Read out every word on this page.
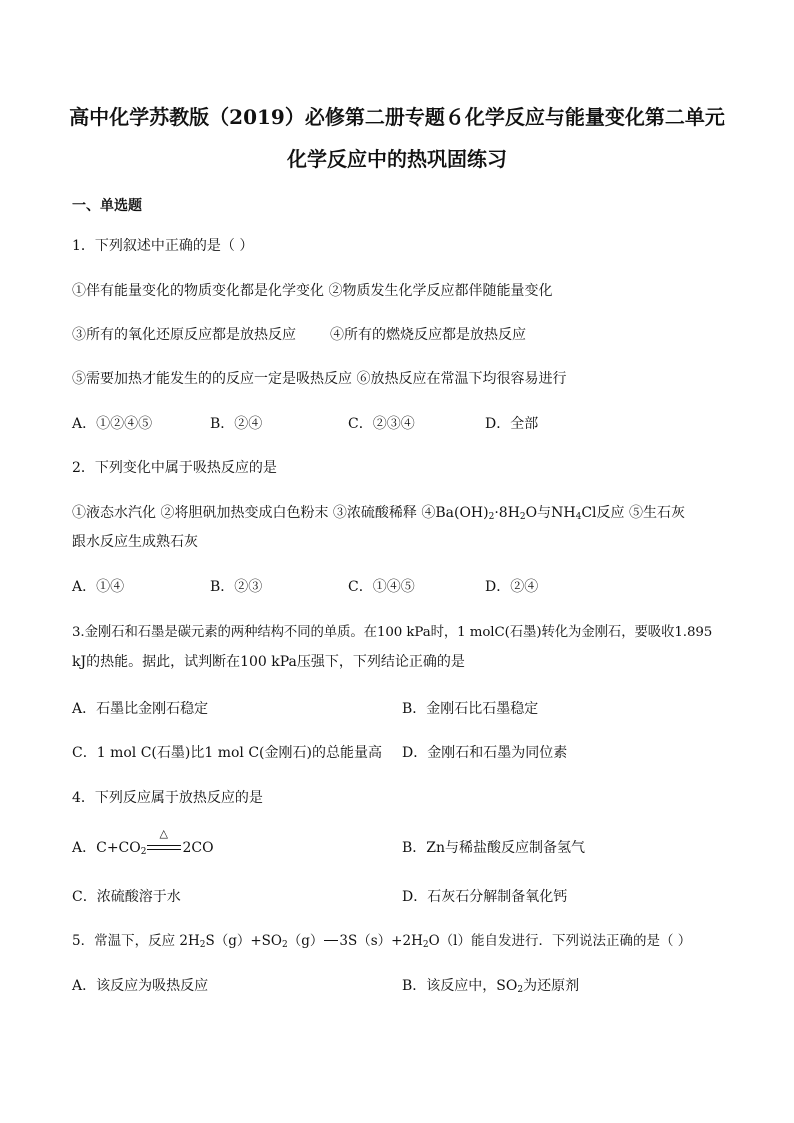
高中化学苏教版（2019）必修第二册专题６化学反应与能量变化第二单元
化学反应中的热巩固练习
一、单选题
1．下列叙述中正确的是（ ）
①伴有能量变化的物质变化都是化学变化 ②物质发生化学反应都伴随能量变化
③所有的氧化还原反应都是放热反应 ④所有的燃烧反应都是放热反应
⑤需要加热才能发生的的反应一定是吸热反应 ⑥放热反应在常温下均很容易进行
A．①②④⑤	B．②④	C．②③④	D．全部
2．下列变化中属于吸热反应的是
①液态水汽化 ②将胆矾加热变成白色粉末 ③浓硫酸稀释 $④Ba(OH)_2\cdot 8H_2O$与$NH_4Cl$反应 ⑤生石灰
跟水反应生成熟石灰
A．①④	B．②③	C．①④⑤	D．②④
3.金刚石和石墨是碳元素的两种结构不同的单质。在100 kPa时，1 molC(石墨)转化为金刚石，要吸收1.895
kJ的热能。据此，试判断在100 kPa压强下，下列结论正确的是
A．石墨比金刚石稳定	B．金刚石比石墨稳定
C．1 mol C(石墨)比1 mol C(金刚石)的总能量高 D．金刚石和石墨为同位素
4．下列反应属于放热反应的是
A．$C+CO_2$
△
2CO	B．Zn与稀盐酸反应制备氢气
C．浓硫酸溶于水	D．石灰石分解制备氧化钙
5．常温下，反应 $2H_2S(g)+SO_2(g)$ $3S(s)+2H_2O(l)$能自发进行．下列说法正确的是（ ）
A．该反应为吸热反应	B．该反应中，$SO_2$为还原剂
